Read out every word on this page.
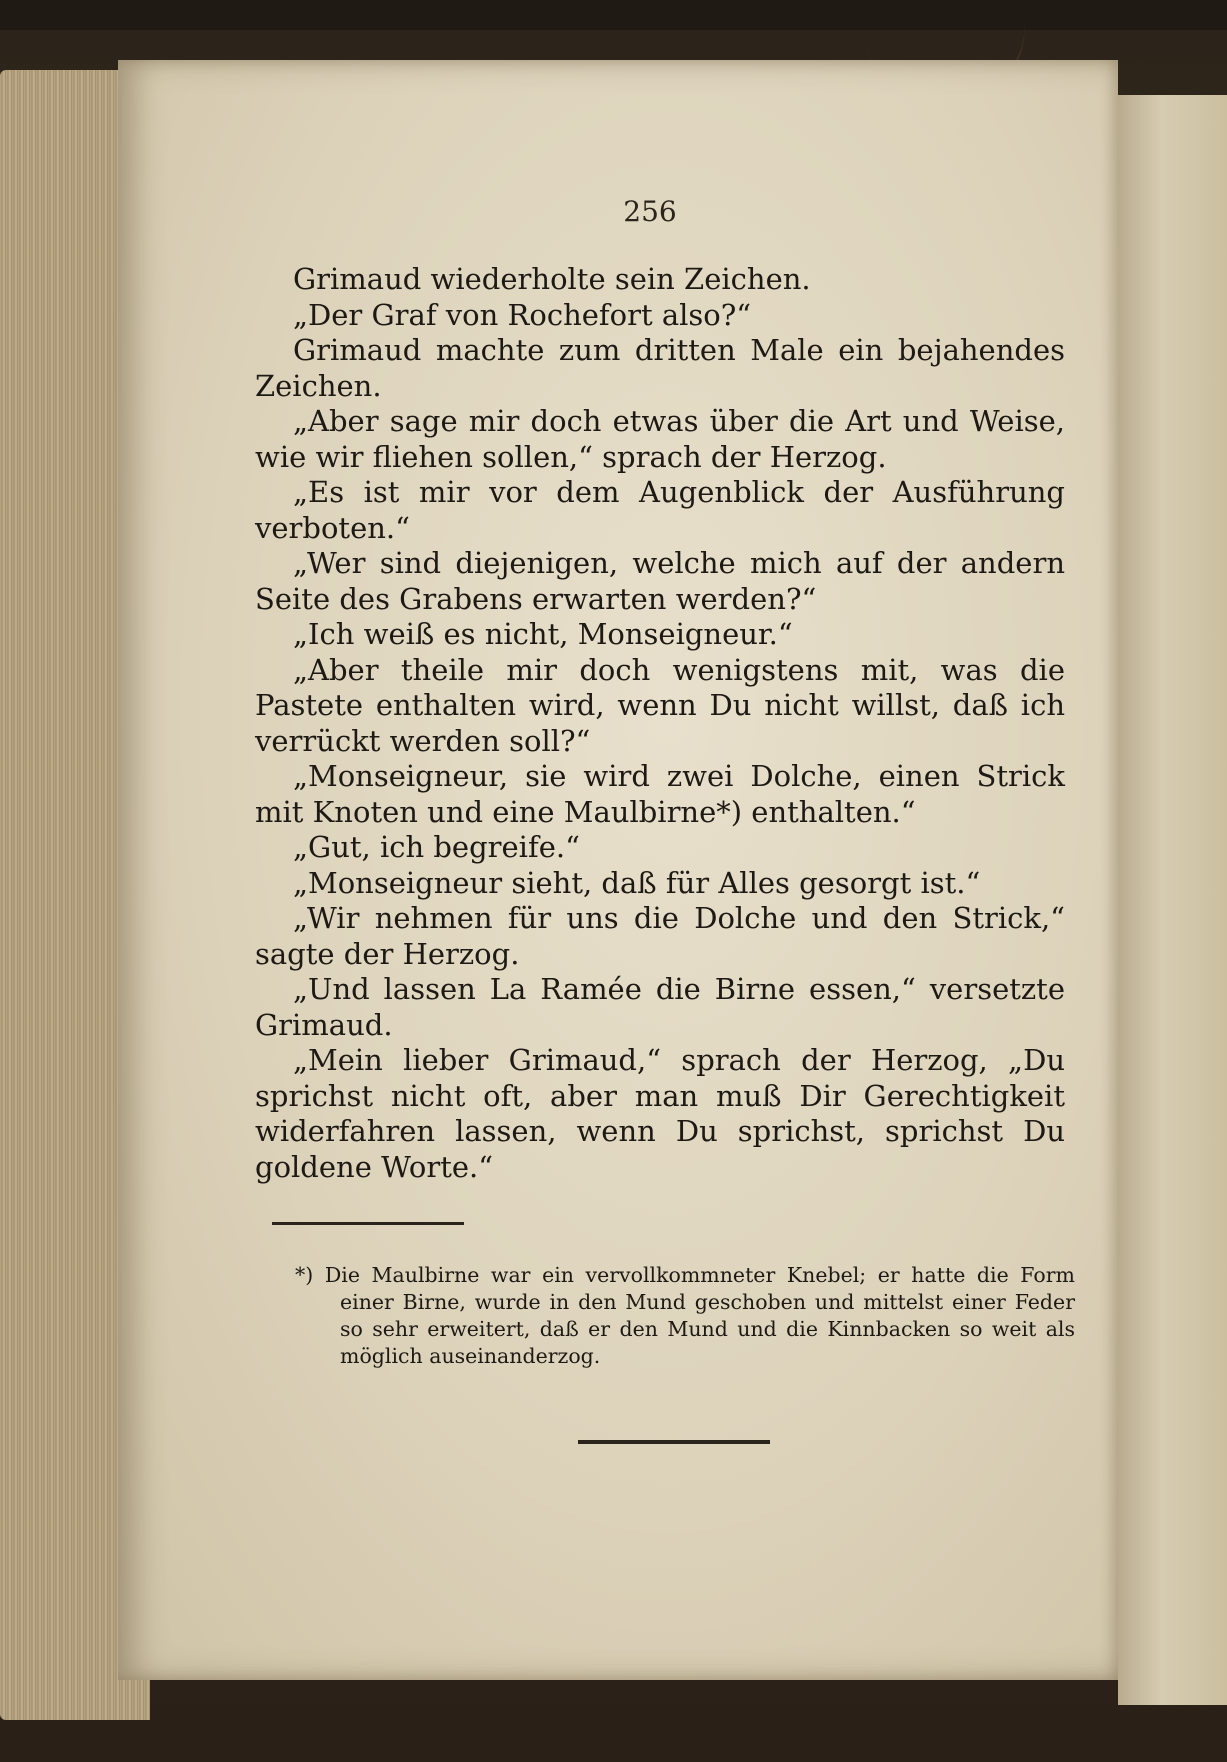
256

Grimaud wiederholte sein Zeichen.

„Der Graf von Rochefort also?“

Grimaud machte zum dritten Male ein bejahendes Zeichen.

„Aber sage mir doch etwas über die Art und Weise, wie wir fliehen sollen,“ sprach der Herzog.

„Es ist mir vor dem Augenblick der Ausführung verboten.“

„Wer sind diejenigen, welche mich auf der andern Seite des Grabens erwarten werden?“

„Ich weiß es nicht, Monseigneur.“

„Aber theile mir doch wenigstens mit, was die Pastete enthalten wird, wenn Du nicht willst, daß ich verrückt werden soll?“

„Monseigneur, sie wird zwei Dolche, einen Strick mit Knoten und eine Maulbirne*) enthalten.“

„Gut, ich begreife.“

„Monseigneur sieht, daß für Alles gesorgt ist.“

„Wir nehmen für uns die Dolche und den Strick,“ sagte der Herzog.

„Und lassen La Ramée die Birne essen,“ versetzte Grimaud.

„Mein lieber Grimaud,“ sprach der Herzog, „Du sprichst nicht oft, aber man muß Dir Gerechtigkeit widerfahren lassen, wenn Du sprichst, sprichst Du goldene Worte.“

*) Die Maulbirne war ein vervollkommneter Knebel; er hatte die Form einer Birne, wurde in den Mund geschoben und mittelst einer Feder so sehr erweitert, daß er den Mund und die Kinnbacken so weit als möglich auseinanderzog.
